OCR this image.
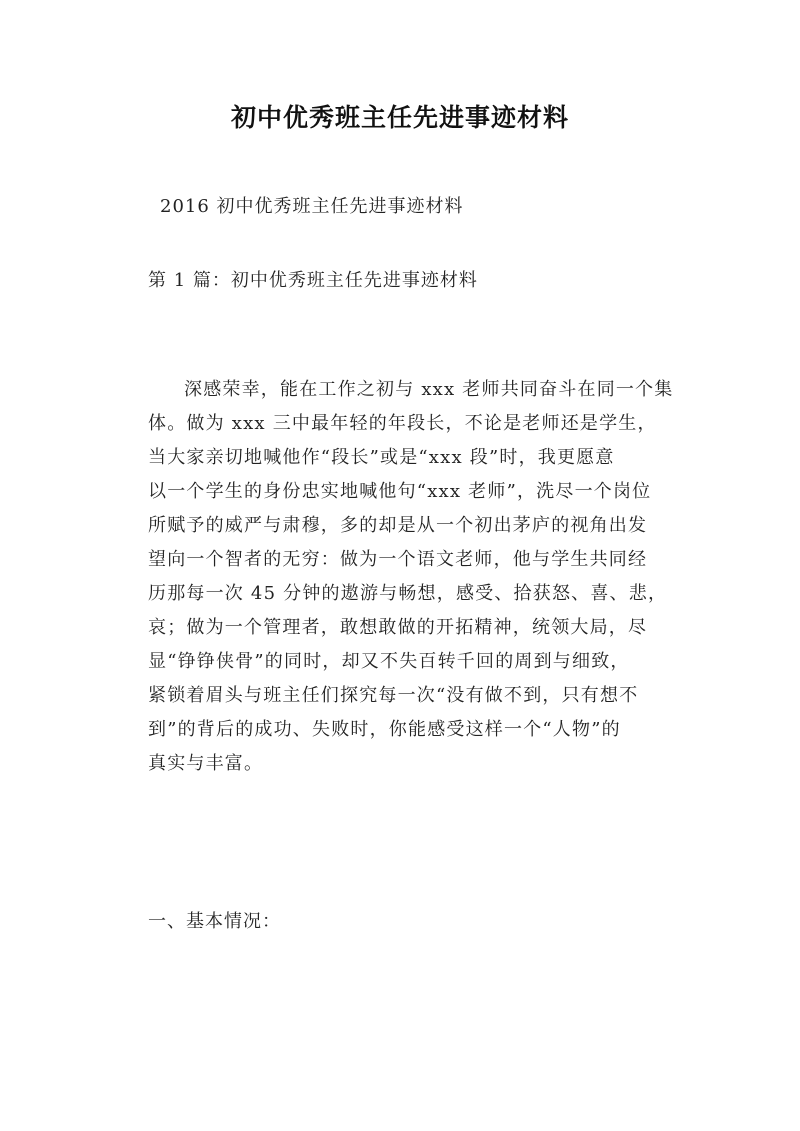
初中优秀班主任先进事迹材料
2016 初中优秀班主任先进事迹材料
第 1 篇：初中优秀班主任先进事迹材料
深感荣幸，能在工作之初与 xxx 老师共同奋斗在同一个集
体。做为 xxx 三中最年轻的年段长，不论是老师还是学生，
当大家亲切地喊他作“段长”或是“xxx 段”时，我更愿意
以一个学生的身份忠实地喊他句“xxx 老师”，洗尽一个岗位
所赋予的威严与肃穆，多的却是从一个初出茅庐的视角出发
望向一个智者的无穷：做为一个语文老师，他与学生共同经
历那每一次 45 分钟的遨游与畅想，感受、拾获怒、喜、悲，
哀；做为一个管理者，敢想敢做的开拓精神，统领大局，尽
显“铮铮侠骨”的同时，却又不失百转千回的周到与细致，
紧锁着眉头与班主任们探究每一次“没有做不到，只有想不
到”的背后的成功、失败时，你能感受这样一个“人物”的
真实与丰富。
一、基本情况：
